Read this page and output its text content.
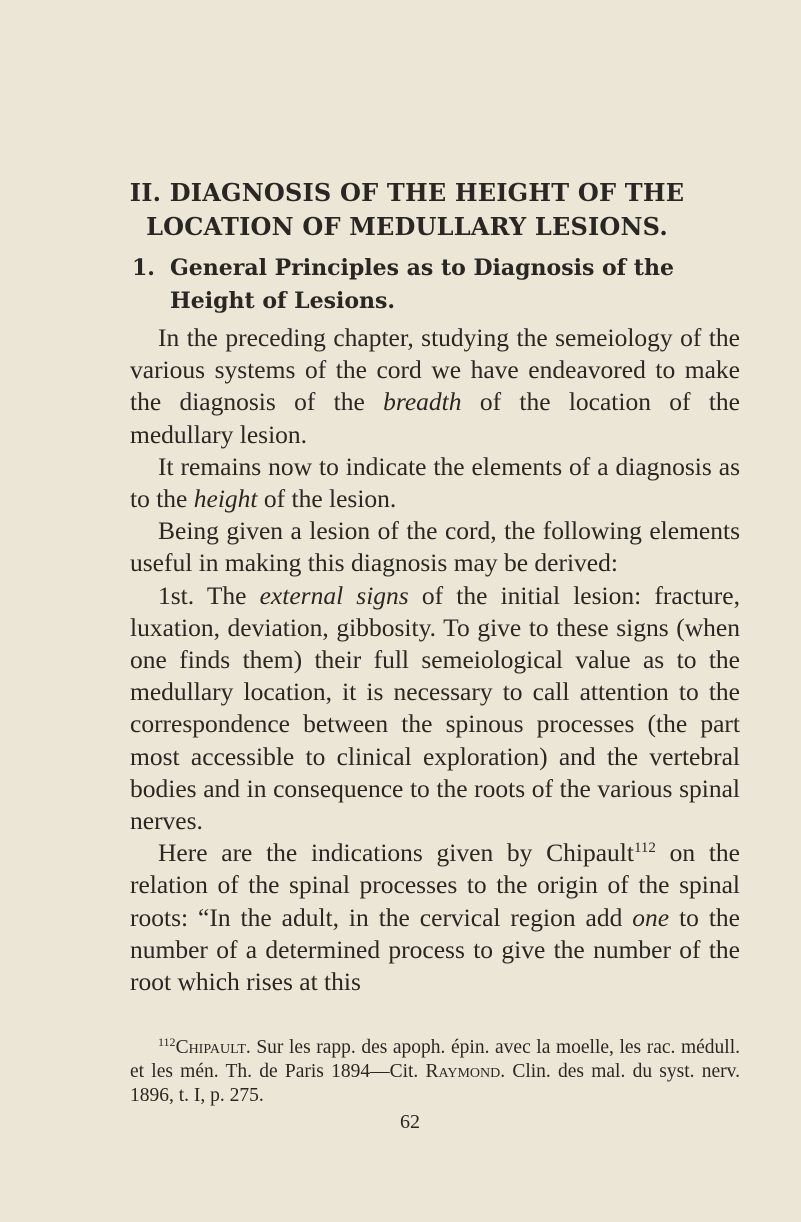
II. DIAGNOSIS OF THE HEIGHT OF THE
LOCATION OF MEDULLARY LESIONS.
1. General Principles as to Diagnosis of the
Height of Lesions.

In the preceding chapter, studying the semeiology of the various systems of the cord we have endeavored to make the diagnosis of the breadth of the location of the medullary lesion.

It remains now to indicate the elements of a diagnosis as to the height of the lesion.

Being given a lesion of the cord, the following elements useful in making this diagnosis may be derived:

1st. The external signs of the initial lesion: fracture, luxation, deviation, gibbosity. To give to these signs (when one finds them) their full semeiological value as to the medullary location, it is necessary to call attention to the correspondence between the spinous processes (the part most accessible to clinical exploration) and the vertebral bodies and in consequence to the roots of the various spinal nerves.

Here are the indications given by Chipault$^{112}$ on the relation of the spinal processes to the origin of the spinal roots: “In the adult, in the cervical region add one to the number of a determined process to give the number of the root which rises at this

$^{112}$Chipault. Sur les rapp. des apoph. épin. avec la moelle, les rac. médull. et les mén. Th. de Paris 1894—Cit. Raymond. Clin. des mal. du syst. nerv. 1896, t. I, p. 275.

62
